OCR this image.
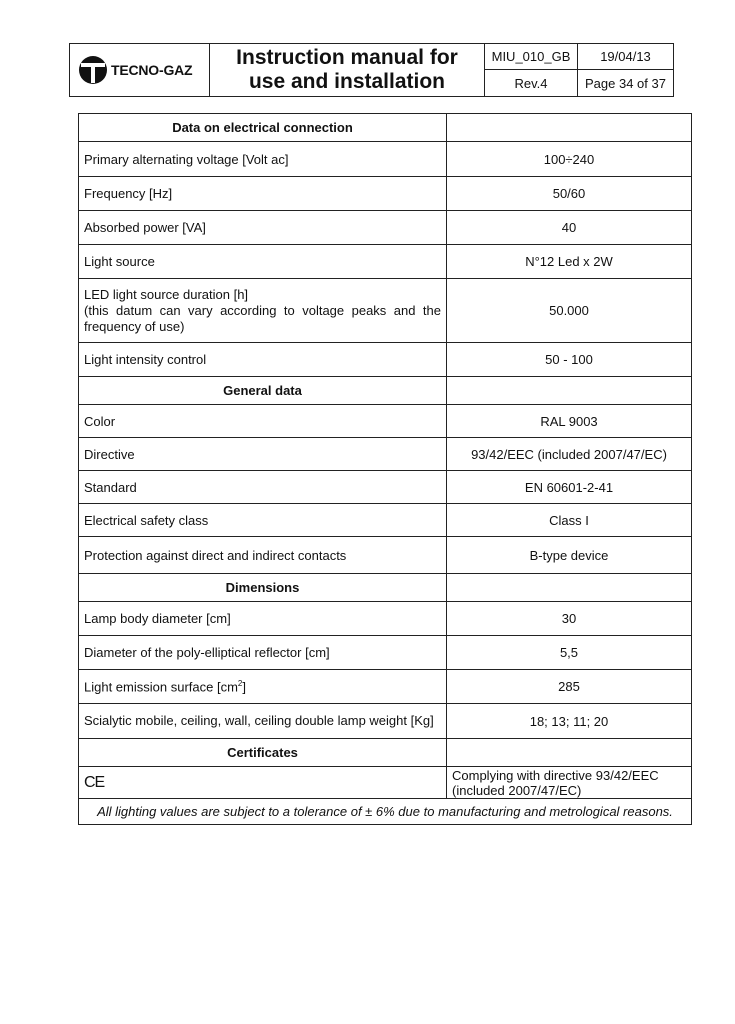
TECNO-GAZ
Instruction manual for
use and installation
MIU_010_GB	19/04/13
Rev.4	Page 34 of 37
Data on electrical connection	
Primary alternating voltage [Volt ac]	100÷240
Frequency [Hz]	50/60
Absorbed power [VA]	40
Light source	N°12 Led x 2W
LED light source duration [h]
(this datum can vary according to voltage peaks and the frequency of use)	50.000
Light intensity control	50 - 100
General data	
Color	RAL 9003
Directive	93/42/EEC (included 2007/47/EC)
Standard	EN 60601-2-41
Electrical safety class	Class I
Protection against direct and indirect contacts	B-type device
Dimensions	
Lamp body diameter [cm]	30
Diameter of the poly-elliptical reflector [cm]	5,5
Light emission surface $[cm^2]$	285
Scialytic mobile, ceiling, wall, ceiling double lamp weight [Kg]	18; 13; 11; 20
Certificates	
CE	Complying with directive 93/42/EEC
(included 2007/47/EC)
All lighting values are subject to a tolerance of ± 6% due to manufacturing and metrological reasons.	
